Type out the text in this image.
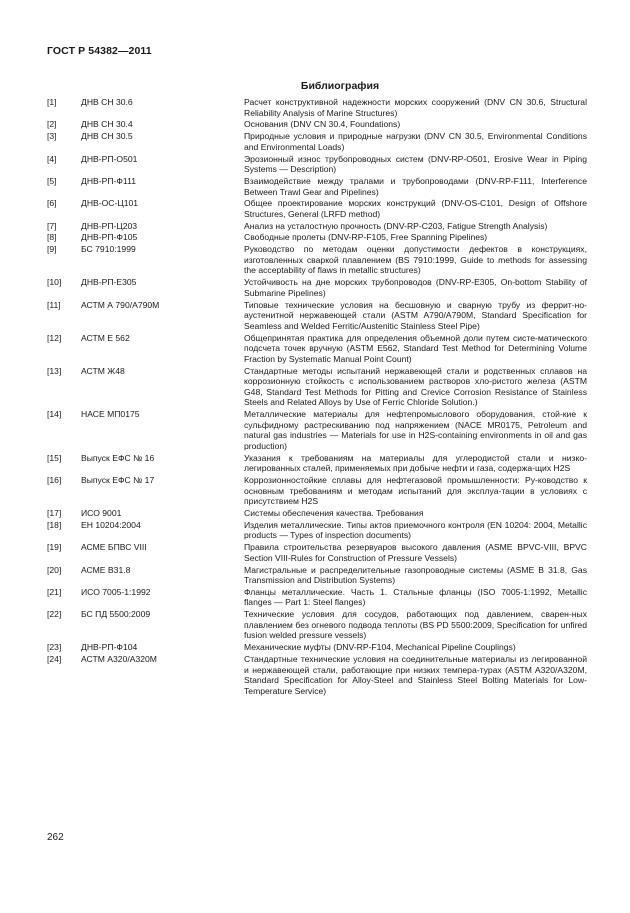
ГОСТ Р 54382—2011
Библиография
[1]	ДНВ СН 30.6	Расчет конструктивной надежности морских сооружений (DNV CN 30.6, Structural Reliability Analysis of Marine Structures)
[2]	ДНВ СН 30.4	Основания (DNV CN 30.4, Foundations)
[3]	ДНВ СН 30.5	Природные условия и природные нагрузки (DNV CN 30.5, Environmental Conditions and Environmental Loads)
[4]	ДНВ-РП-О501	Эрозионный износ трубопроводных систем (DNV-RP-O501, Erosive Wear in Piping Systems — Description)
[5]	ДНВ-РП-Ф111	Взаимодействие между тралами и трубопроводами (DNV-RP-F111, Interference Between Trawl Gear and Pipelines)
[6]	ДНВ-ОС-Ц101	Общее проектирование морских конструкций (DNV-OS-C101, Design of Offshore Structures, General (LRFD method)
[7]	ДНВ-РП-Ц203	Анализ на усталостную прочность (DNV-RP-C203, Fatigue Strength Analysis)
[8]	ДНВ-РП-Ф105	Свободные пролеты (DNV-RP-F105, Free Spanning Pipelines)
[9]	БС 7910:1999	Руководство по методам оценки допустимости дефектов в конструкциях, изготовленных сваркой плавлением (BS 7910:1999, Guide to methods for assessing the acceptability of flaws in metallic structures)
[10]	ДНВ-РП-Е305	Устойчивость на дне морских трубопроводов (DNV-RP-E305, On-bottom Stability of Submarine Pipelines)
[11]	АСТМ А 790/А790М	Типовые технические условия на бесшовную и сварную трубу из феррит-но-аустенитной нержавеющей стали (ASTM A790/A790M, Standard Specification for Seamless and Welded Ferritic/Austenitic Stainless Steel Pipe)
[12]	АСТМ Е 562	Общепринятая практика для определения объемной доли путем систе-матического подсчета точек вручную (ASTM E562, Standard Test Method for Determining Volume Fraction by Systematic Manual Point Count)
[13]	АСТМ Ж48	Стандартные методы испытаний нержавеющей стали и родственных сплавов на коррозионную стойкость с использованием растворов хло-ристого железа (ASTM G48, Standard Test Methods for Pitting and Crevice Corrosion Resistance of Stainless Steels and Related Alloys by Use of Ferric Chloride Solution.)
[14]	НАСЕ МП0175	Металлические материалы для нефтепромыслового оборудования, стой-кие к сульфидному растрескиванию под напряжением (NACE MR0175, Petroleum and natural gas industries — Materials for use in H2S-containing environments in oil and gas production)
[15]	Выпуск ЕФС № 16	Указания к требованиям на материалы для углеродистой стали и низко-легированных сталей, применяемых при добыче нефти и газа, содержа-щих H2S
[16]	Выпуск ЕФС № 17	Коррозионностойкие сплавы для нефтегазовой промышленности: Ру-ководство к основным требованиям и методам испытаний для эксплуа-тации в условиях с присутствием H2S
[17]	ИСО 9001	Системы обеспечения качества. Требования
[18]	ЕН 10204:2004	Изделия металлические. Типы актов приемочного контроля (EN 10204: 2004, Metallic products — Types of inspection documents)
[19]	АСМЕ БПВС VIII	Правила строительства резервуаров высокого давления (ASME BPVC-VIII, BPVC Section VIII-Rules for Construction of Pressure Vessels)
[20]	АСМЕ В31.8	Магистральные и распределительные газопроводные системы (ASME B 31.8, Gas Transmission and Distribution Systems)
[21]	ИСО 7005-1:1992	Фланцы металлические. Часть 1. Стальные фланцы (ISO 7005-1:1992, Metallic flanges — Part 1: Steel flanges)
[22]	БС ПД 5500:2009	Технические условия для сосудов, работающих под давлением, сварен-ных плавлением без огневого подвода теплоты (BS PD 5500:2009, Specification for unfired fusion welded pressure vessels)
[23]	ДНВ-РП-Ф104	Механические муфты (DNV-RP-F104, Mechanical Pipeline Couplings)
[24]	АСТМ А320/А320М	Стандартные технические условия на соединительные материалы из легированной и нержавеющей стали, работающие при низких темпера-турах (ASTM A320/A320M, Standard Specification for Alloy-Steel and Stainless Steel Bolting Materials for Low-Temperature Service)
262
